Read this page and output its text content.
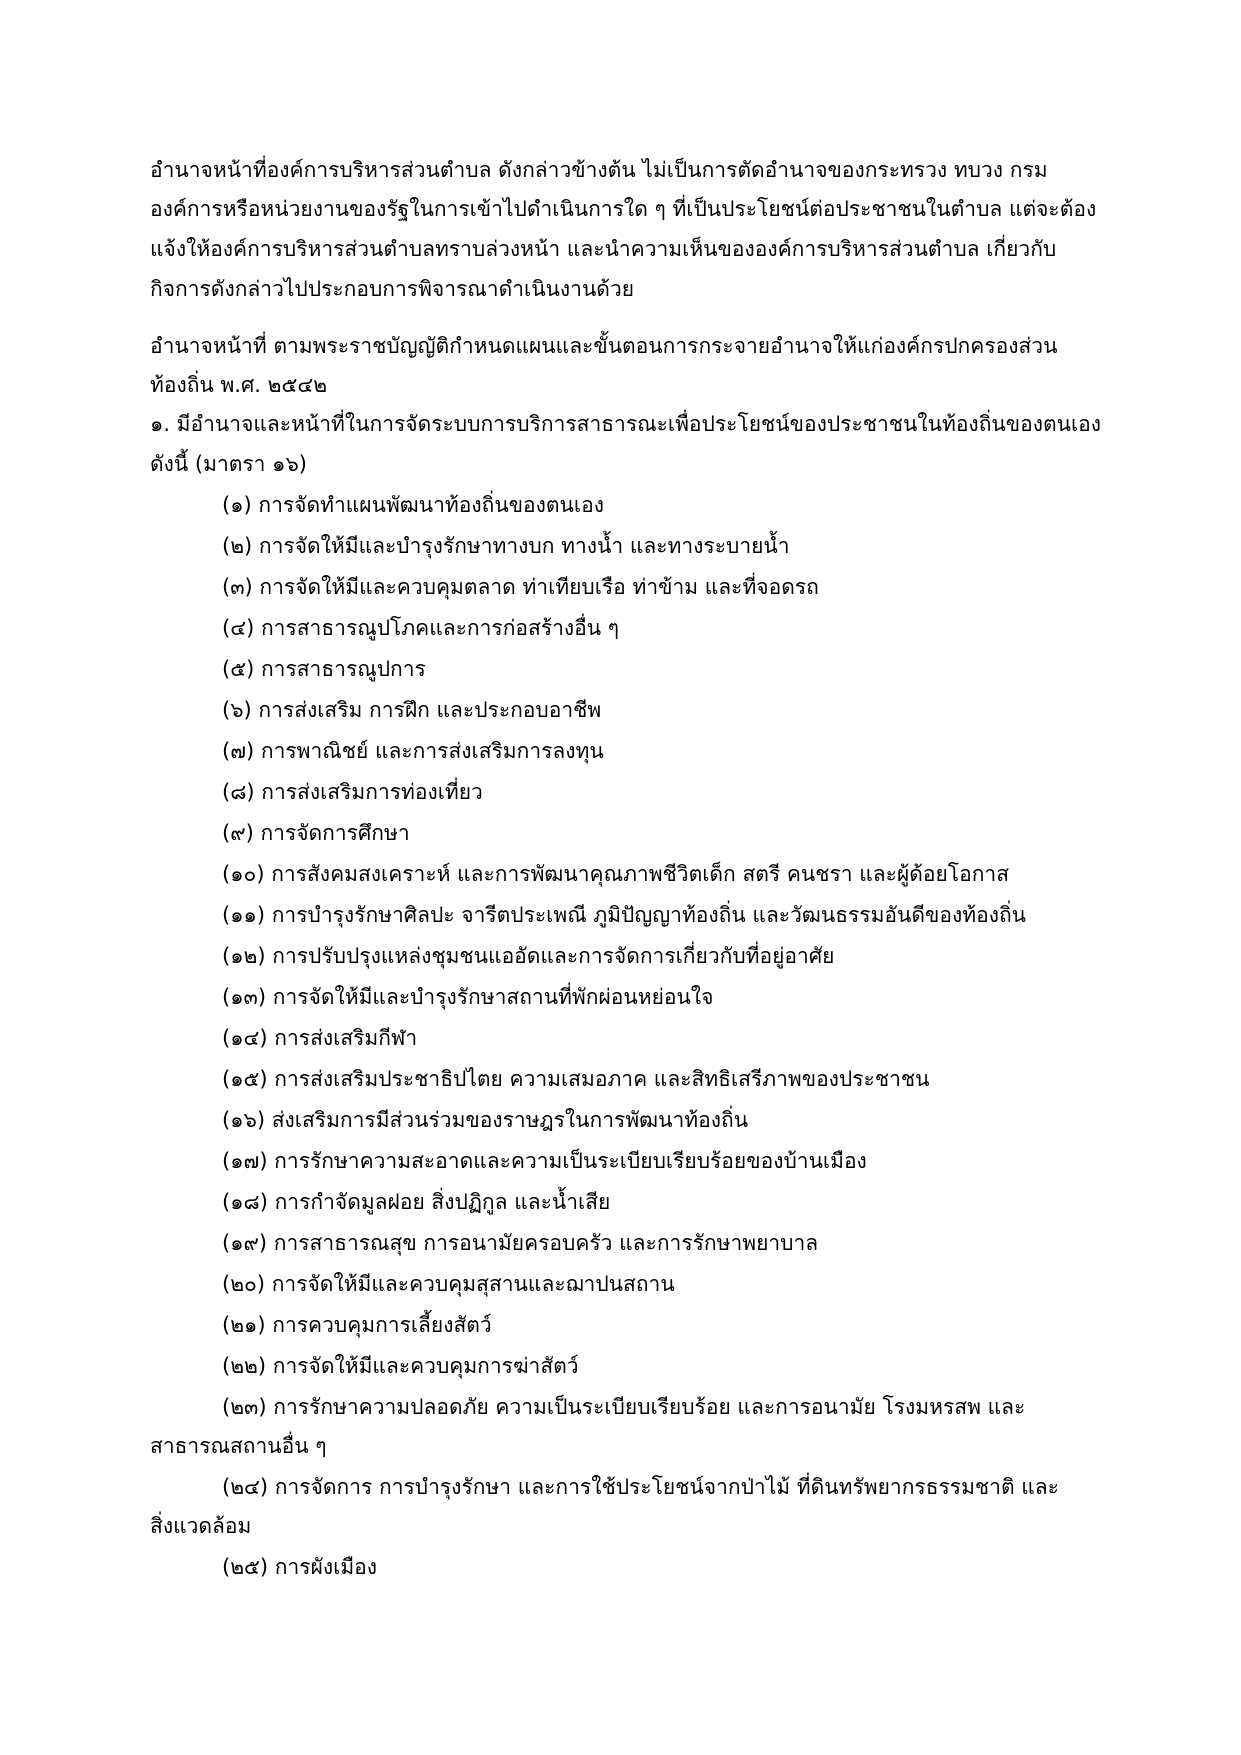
อำนาจหน้าที่องค์การบริหารส่วนตำบล ดังกล่าวข้างต้น ไม่เป็นการตัดอำนาจของกระทรวง ทบวง กรม
องค์การหรือหน่วยงานของรัฐในการเข้าไปดำเนินการใด ๆ ที่เป็นประโยชน์ต่อประชาชนในตำบล แต่จะต้อง
แจ้งให้องค์การบริหารส่วนตำบลทราบล่วงหน้า และนำความเห็นขององค์การบริหารส่วนตำบล เกี่ยวกับ
กิจการดังกล่าวไปประกอบการพิจารณาดำเนินงานด้วย
อำนาจหน้าที่ ตามพระราชบัญญัติกำหนดแผนและขั้นตอนการกระจายอำนาจให้แก่องค์กรปกครองส่วน
ท้องถิ่น พ.ศ. ๒๕๔๒
๑. มีอำนาจและหน้าที่ในการจัดระบบการบริการสาธารณะเพื่อประโยชน์ของประชาชนในท้องถิ่นของตนเอง
ดังนี้ (มาตรา ๑๖)
(๑) การจัดทำแผนพัฒนาท้องถิ่นของตนเอง
(๒) การจัดให้มีและบำรุงรักษาทางบก ทางน้ำ และทางระบายน้ำ
(๓) การจัดให้มีและควบคุมตลาด ท่าเทียบเรือ ท่าข้าม และที่จอดรถ
(๔) การสาธารณูปโภคและการก่อสร้างอื่น ๆ
(๕) การสาธารณูปการ
(๖) การส่งเสริม การฝึก และประกอบอาชีพ
(๗) การพาณิชย์ และการส่งเสริมการลงทุน
(๘) การส่งเสริมการท่องเที่ยว
(๙) การจัดการศึกษา
(๑๐) การสังคมสงเคราะห์ และการพัฒนาคุณภาพชีวิตเด็ก สตรี คนชรา และผู้ด้อยโอกาส
(๑๑) การบำรุงรักษาศิลปะ จารีตประเพณี ภูมิปัญญาท้องถิ่น และวัฒนธรรมอันดีของท้องถิ่น
(๑๒) การปรับปรุงแหล่งชุมชนแออัดและการจัดการเกี่ยวกับที่อยู่อาศัย
(๑๓) การจัดให้มีและบำรุงรักษาสถานที่พักผ่อนหย่อนใจ
(๑๔) การส่งเสริมกีฬา
(๑๕) การส่งเสริมประชาธิปไตย ความเสมอภาค และสิทธิเสรีภาพของประชาชน
(๑๖) ส่งเสริมการมีส่วนร่วมของราษฎรในการพัฒนาท้องถิ่น
(๑๗) การรักษาความสะอาดและความเป็นระเบียบเรียบร้อยของบ้านเมือง
(๑๘) การกำจัดมูลฝอย สิ่งปฏิกูล และน้ำเสีย
(๑๙) การสาธารณสุข การอนามัยครอบครัว และการรักษาพยาบาล
(๒๐) การจัดให้มีและควบคุมสุสานและฌาปนสถาน
(๒๑) การควบคุมการเลี้ยงสัตว์
(๒๒) การจัดให้มีและควบคุมการฆ่าสัตว์
(๒๓) การรักษาความปลอดภัย ความเป็นระเบียบเรียบร้อย และการอนามัย โรงมหรสพ และ
สาธารณสถานอื่น ๆ
(๒๔) การจัดการ การบำรุงรักษา และการใช้ประโยชน์จากป่าไม้ ที่ดินทรัพยากรธรรมชาติ และ
สิ่งแวดล้อม
(๒๕) การผังเมือง
